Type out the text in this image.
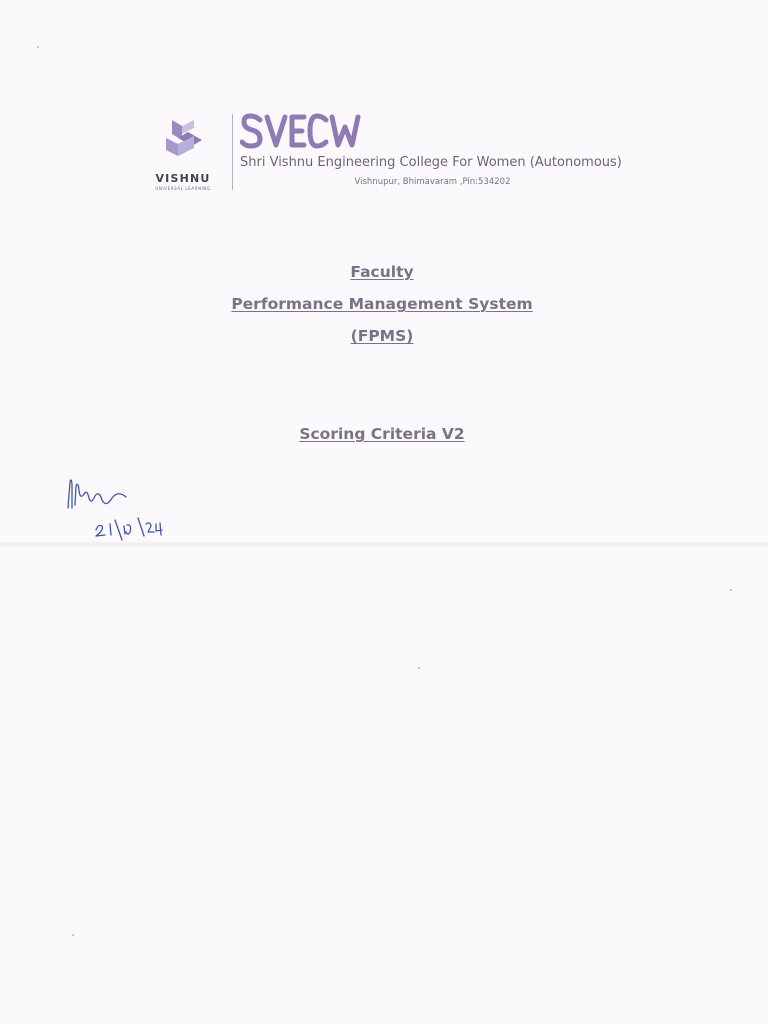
VISHNU
UNIVERSAL LEARNING
Shri Vishnu Engineering College For Women (Autonomous)
Vishnupur, Bhimavaram ,Pin:534202
Faculty
Performance Management System
(FPMS)
Scoring Criteria V2
